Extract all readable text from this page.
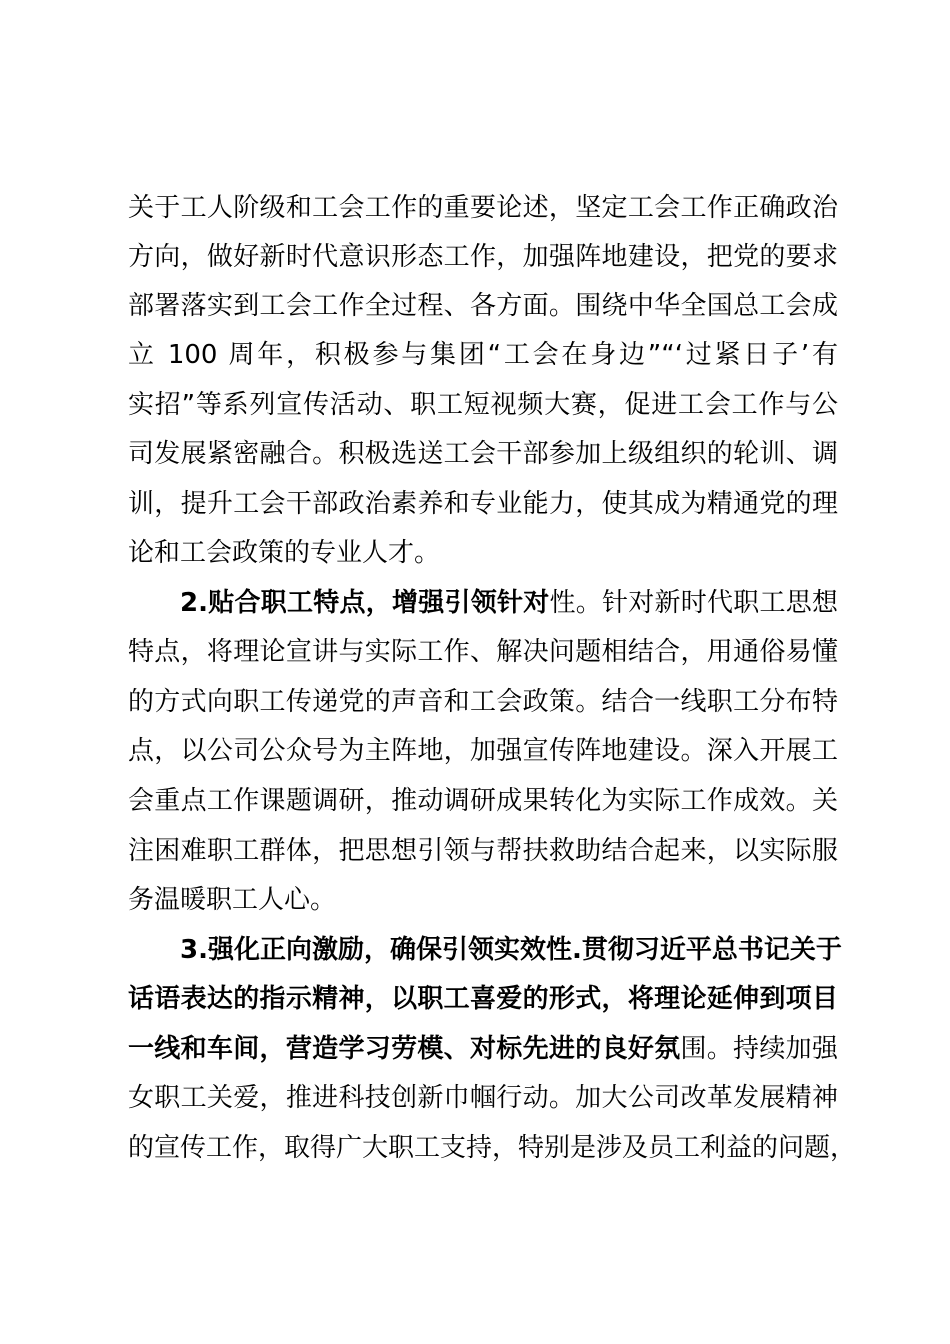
关于工人阶级和工会工作的重要论述，坚定工会工作正确政治
方向，做好新时代意识形态工作，加强阵地建设，把党的要求
部署落实到工会工作全过程、各方面。围绕中华全国总工会成
立 100 周年，积极参与集团“工会在身边”“‘过紧日子’有
实招”等系列宣传活动、职工短视频大赛，促进工会工作与公
司发展紧密融合。积极选送工会干部参加上级组织的轮训、调
训，提升工会干部政治素养和专业能力，使其成为精通党的理
论和工会政策的专业人才。
2.贴合职工特点，增强引领针对性。针对新时代职工思想
特点，将理论宣讲与实际工作、解决问题相结合，用通俗易懂
的方式向职工传递党的声音和工会政策。结合一线职工分布特
点，以公司公众号为主阵地，加强宣传阵地建设。深入开展工
会重点工作课题调研，推动调研成果转化为实际工作成效。关
注困难职工群体，把思想引领与帮扶救助结合起来，以实际服
务温暖职工人心。
3.强化正向激励，确保引领实效性.贯彻习近平总书记关于
话语表达的指示精神，以职工喜爱的形式，将理论延伸到项目
一线和车间，营造学习劳模、对标先进的良好氛围。持续加强
女职工关爱，推进科技创新巾帼行动。加大公司改革发展精神
的宣传工作，取得广大职工支持，特别是涉及员工利益的问题，
